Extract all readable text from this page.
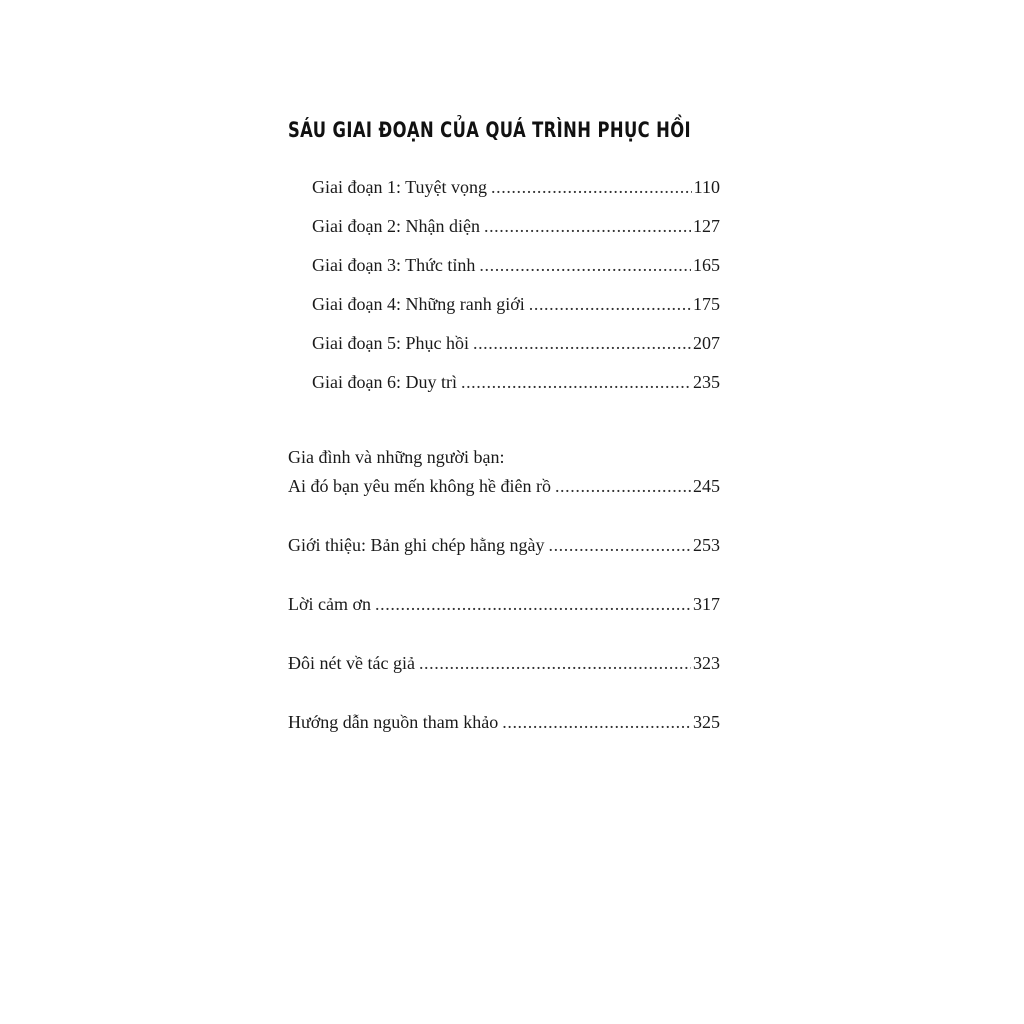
SÁU GIAI ĐOẠN CỦA QUÁ TRÌNH PHỤC HỒI
Giai đoạn 1: Tuyệt vọng .....	110
Giai đoạn 2: Nhận diện .....	127
Giai đoạn 3: Thức tỉnh .....	165
Giai đoạn 4: Những ranh giới .....	175
Giai đoạn 5: Phục hồi .....	207
Giai đoạn 6: Duy trì .....	235
Gia đình và những người bạn:
Ai đó bạn yêu mến không hề điên rồ .....	245
Giới thiệu: Bản ghi chép hằng ngày .....	253
Lời cảm ơn .....	317
Đôi nét về tác giả .....	323
Hướng dẫn nguồn tham khảo .....	325
